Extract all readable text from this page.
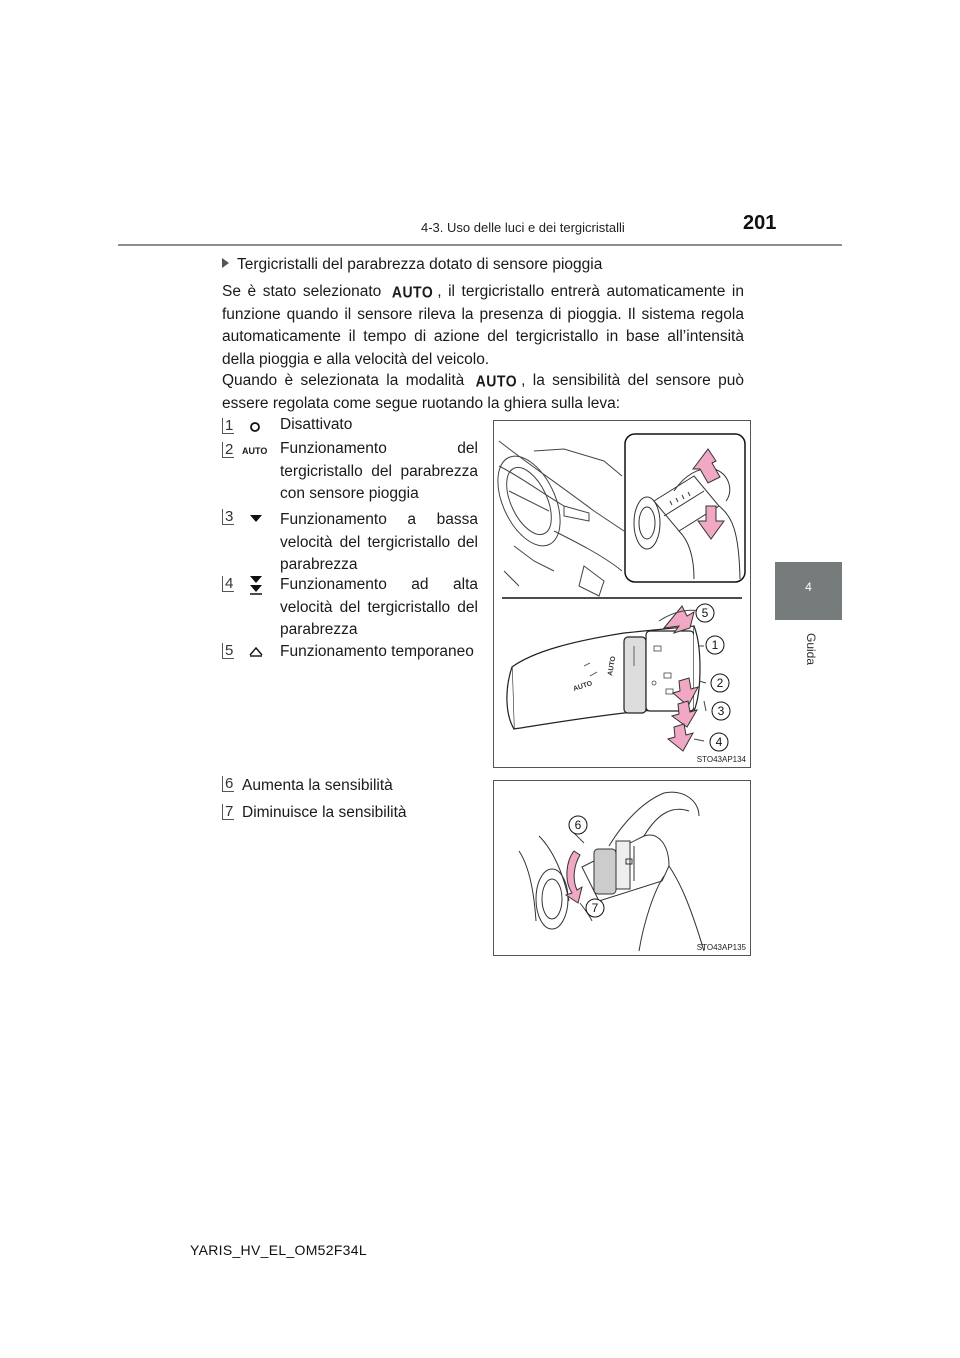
4-3. Uso delle luci e dei tergicristalli	201
4
Guida
Tergicristalli del parabrezza dotato di sensore pioggia
Se è stato selezionato AUTO , il tergicristallo entrerà automaticamente in funzione quando il sensore rileva la presenza di pioggia. Il sistema regola automaticamente il tempo di azione del tergicristallo in base all’intensità della pioggia e alla velocità del veicolo.
Quando è selezionata la modalità AUTO , la sensibilità del sensore può essere regolata come segue ruotando la ghiera sulla leva:
1	Disattivato
2 AUTO Funzionamento del tergicristallo del parabrezza con sensore pioggia
3	Funzionamento a bassa velocità del tergicristallo del parabrezza
4	Funzionamento ad alta velocità del tergicristallo del parabrezza
5	Funzionamento temporaneo
6 Aumenta la sensibilità
7 Diminuisce la sensibilità
AUTO
AUTO
5
1
2
3
4
STO43AP134
6
7
STO43AP135
YARIS_HV_EL_OM52F34L
